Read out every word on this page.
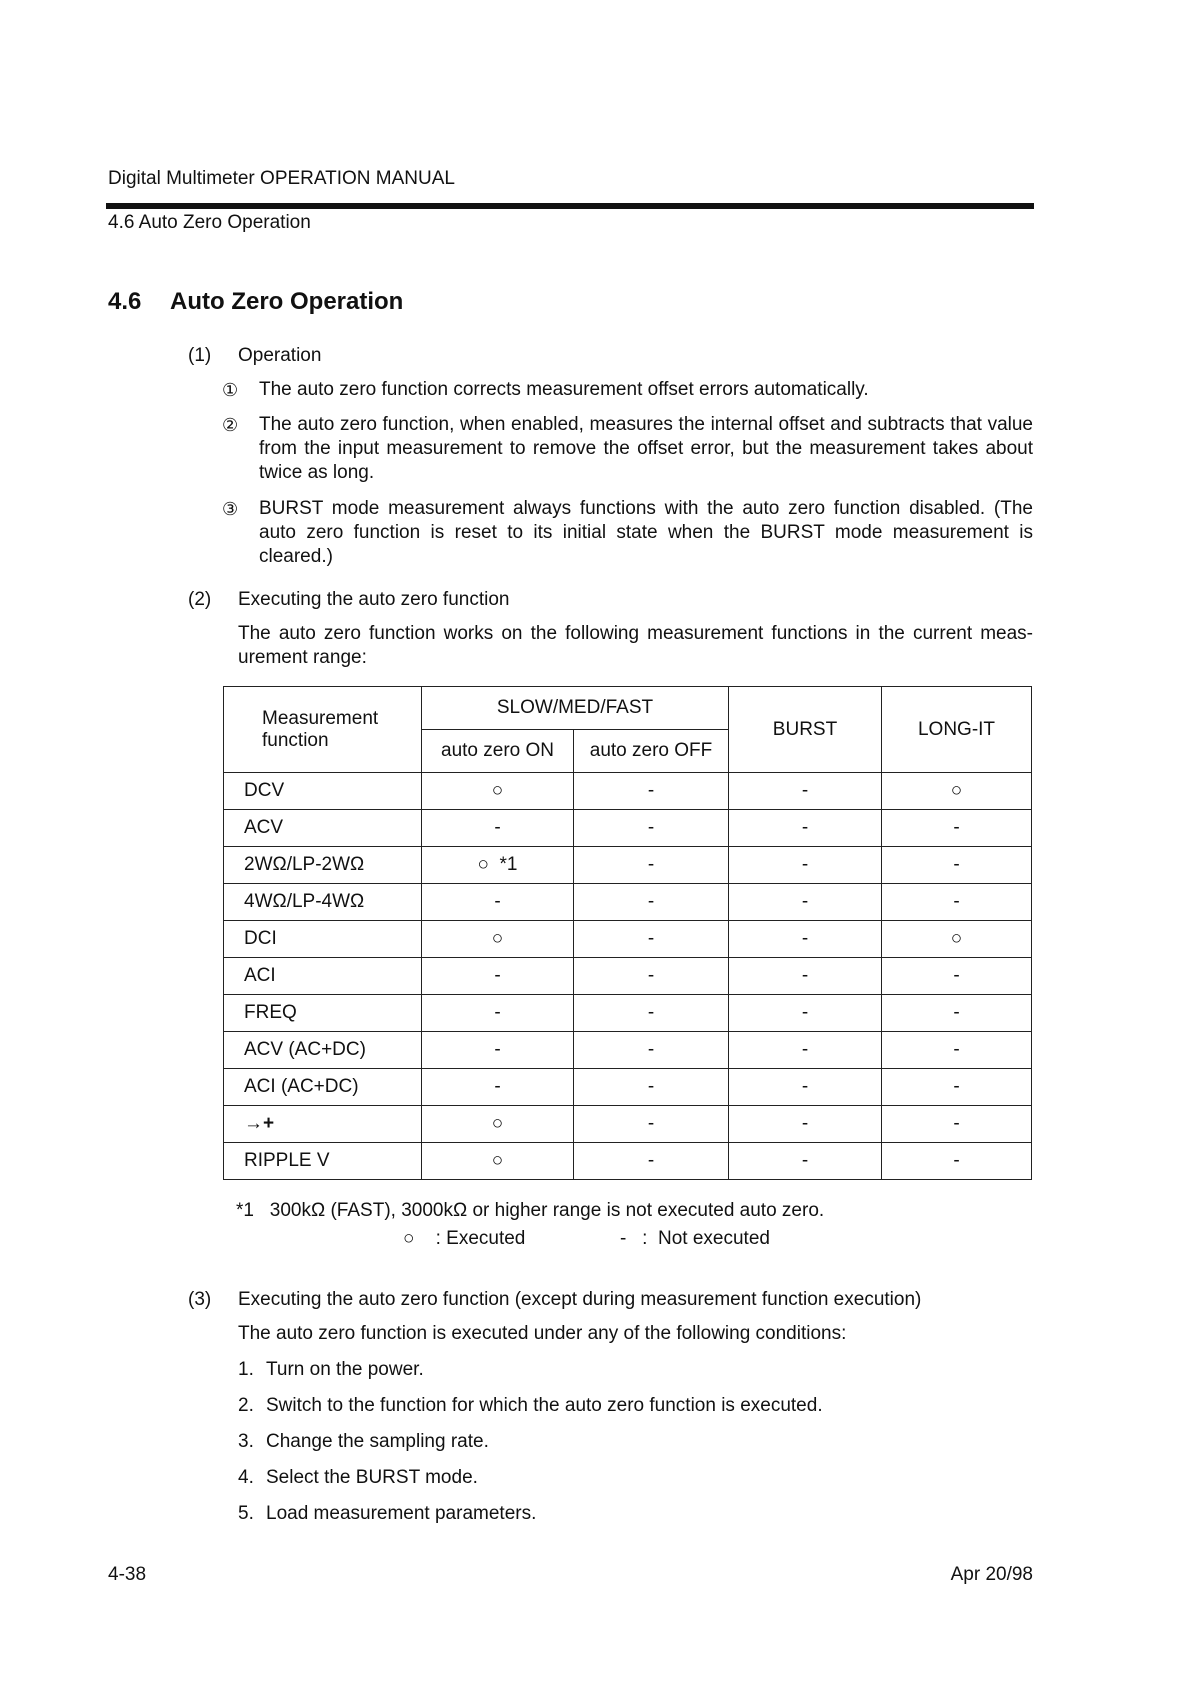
Digital Multimeter OPERATION MANUAL
4.6 Auto Zero Operation
4.6 Auto Zero Operation
(1) Operation
① The auto zero function corrects measurement offset errors automatically.
② The auto zero function, when enabled, measures the internal offset and subtracts that value from the input measurement to remove the offset error, but the measurement takes about twice as long.
③ BURST mode measurement always functions with the auto zero function disabled. (The auto zero function is reset to its initial state when the BURST mode measurement is cleared.)
(2) Executing the auto zero function
The auto zero function works on the following measurement functions in the current meas- urement range:
Measurement function	SLOW/MED/FAST		BURST	LONG-IT
	auto zero ON	auto zero OFF		
DCV	○	-	-	○
ACV	-	-	-	-
2WΩ/LP-2WΩ	○  *1	-	-	-
4WΩ/LP-4WΩ	-	-	-	-
DCI	○	-	-	○
ACI	-	-	-	-
FREQ	-	-	-	-
ACV (AC+DC)	-	-	-	-
ACI (AC+DC)	-	-	-	-
→+	○	-	-	-
RIPPLE V	○	-	-	-
*1   300kΩ (FAST), 3000kΩ or higher range is not executed auto zero.
○    : Executed	-   :  Not executed
(3) Executing the auto zero function (except during measurement function execution)
The auto zero function is executed under any of the following conditions:
1. Turn on the power.
2. Switch to the function for which the auto zero function is executed.
3. Change the sampling rate.
4. Select the BURST mode.
5. Load measurement parameters.
4-38	Apr 20/98
